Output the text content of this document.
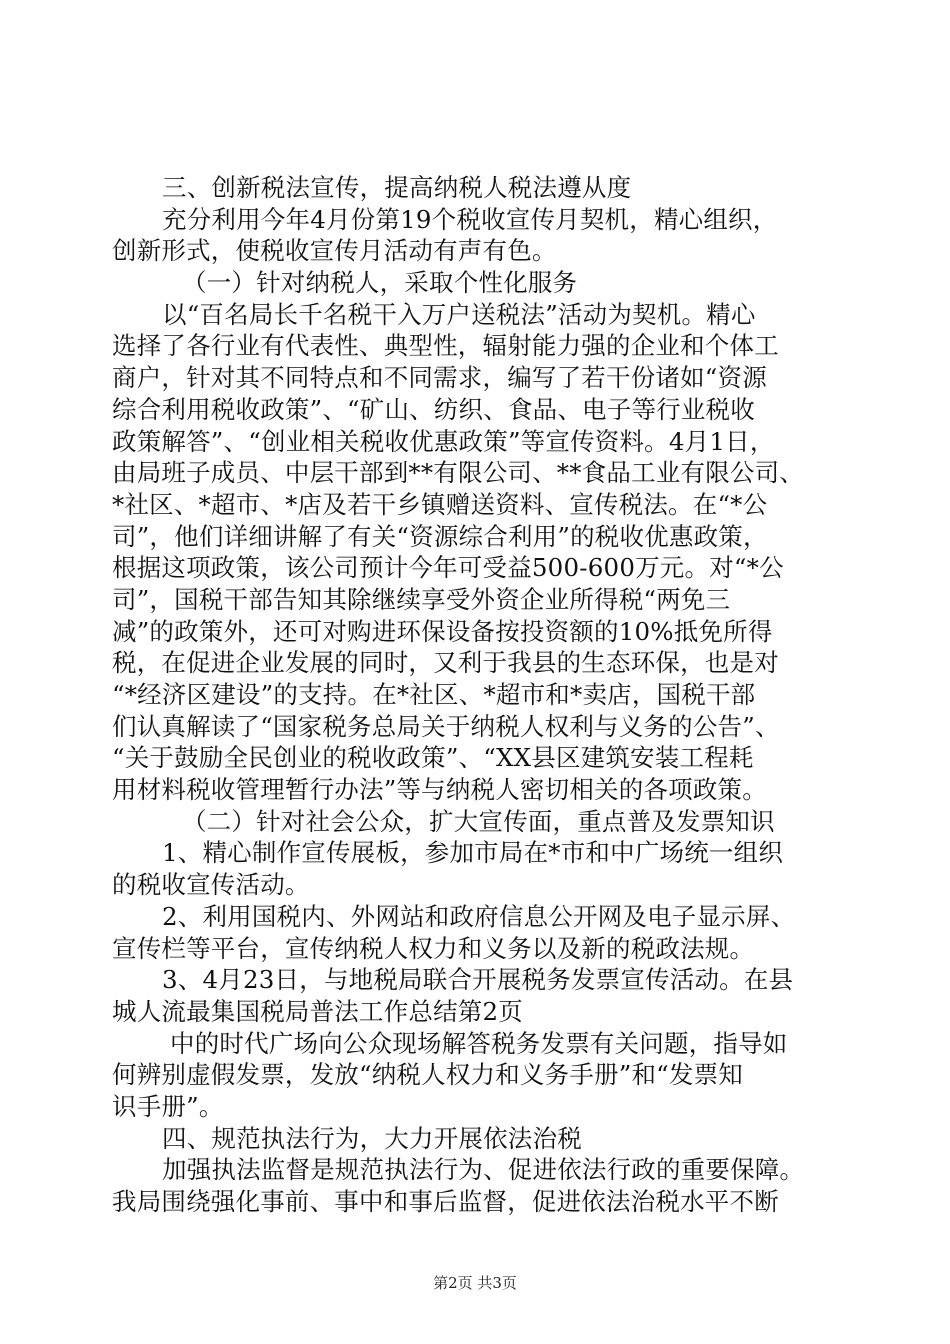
三、创新税法宣传，提高纳税人税法遵从度
充分利用今年4月份第19个税收宣传月契机，精心组织，
创新形式，使税收宣传月活动有声有色。
（一）针对纳税人，采取个性化服务
以“百名局长千名税干入万户送税法”活动为契机。精心
选择了各行业有代表性、典型性，辐射能力强的企业和个体工
商户，针对其不同特点和不同需求，编写了若干份诸如“资源
综合利用税收政策”、“矿山、纺织、食品、电子等行业税收
政策解答”、“创业相关税收优惠政策”等宣传资料。4月1日，
由局班子成员、中层干部到**有限公司、**食品工业有限公司、
*社区、*超市、*店及若干乡镇赠送资料、宣传税法。在“*公
司”，他们详细讲解了有关“资源综合利用”的税收优惠政策，
根据这项政策，该公司预计今年可受益500-600万元。对“*公
司”，国税干部告知其除继续享受外资企业所得税“两免三
减”的政策外，还可对购进环保设备按投资额的10%抵免所得
税，在促进企业发展的同时，又利于我县的生态环保，也是对
“*经济区建设”的支持。在*社区、*超市和*卖店，国税干部
们认真解读了“国家税务总局关于纳税人权利与义务的公告”、
“关于鼓励全民创业的税收政策”、“XX县区建筑安装工程耗
用材料税收管理暂行办法”等与纳税人密切相关的各项政策。
（二）针对社会公众，扩大宣传面，重点普及发票知识
1、精心制作宣传展板，参加市局在*市和中广场统一组织
的税收宣传活动。
2、利用国税内、外网站和政府信息公开网及电子显示屏、
宣传栏等平台，宣传纳税人权力和义务以及新的税政法规。
3、4月23日，与地税局联合开展税务发票宣传活动。在县
城人流最集国税局普法工作总结第2页
中的时代广场向公众现场解答税务发票有关问题，指导如
何辨别虚假发票，发放“纳税人权力和义务手册”和“发票知
识手册”。
四、规范执法行为，大力开展依法治税
加强执法监督是规范执法行为、促进依法行政的重要保障。
我局围绕强化事前、事中和事后监督，促进依法治税水平不断
第2页 共3页
